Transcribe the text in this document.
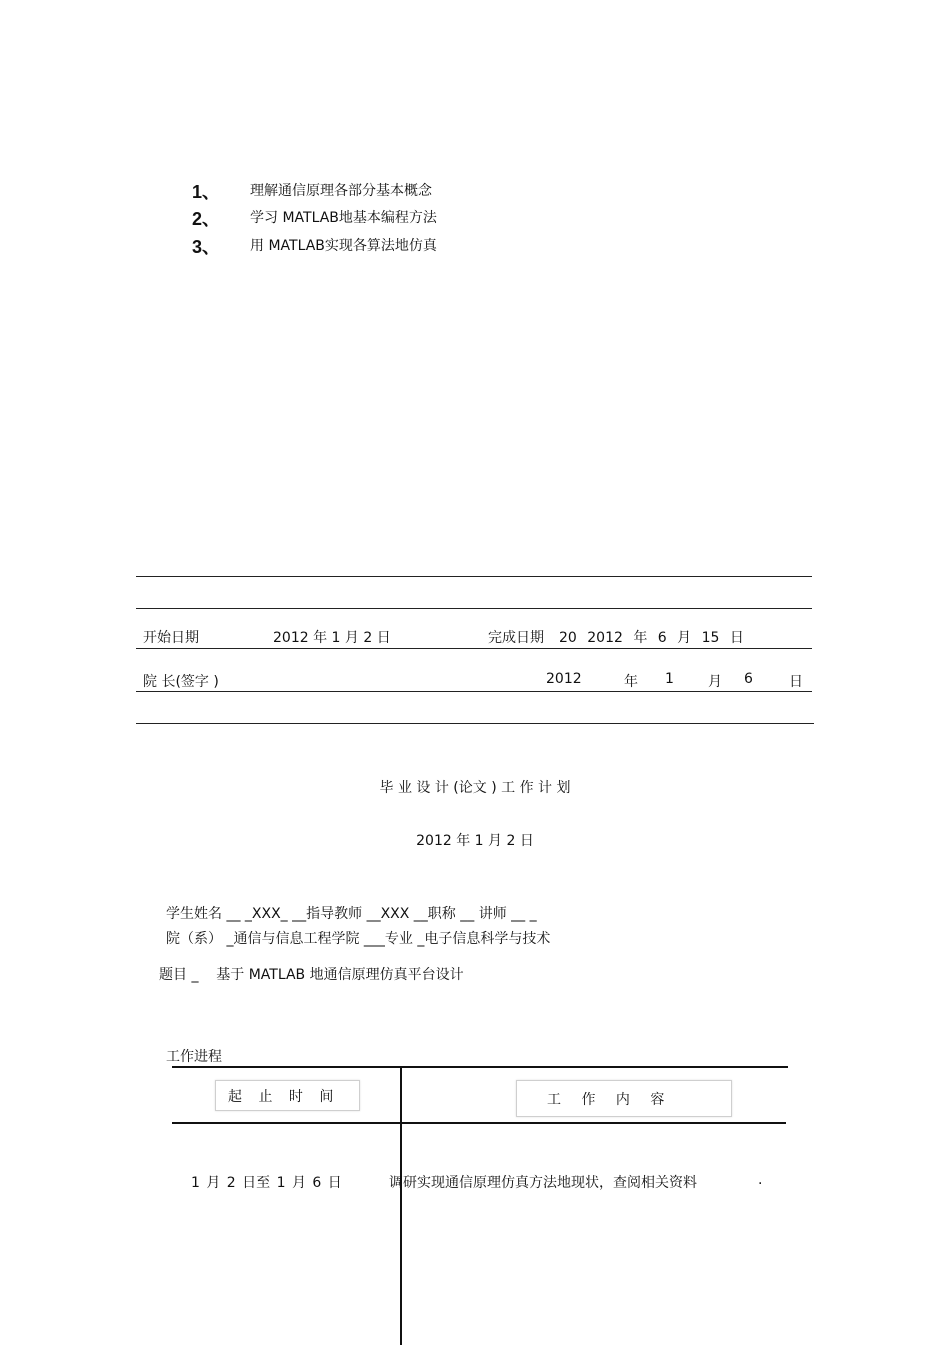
1、 理解通信原理各部分基本概念
2、 学习 MATLAB地基本编程方法
3、 用 MATLAB实现各算法地仿真
开始日期	2012 年 1 月 2 日	完成日期 20 2012 年 6 月 15 日
院 长(签字 )	2012	年 1 月 6	日
毕 业 设 计 (论文 ) 工 作 计 划
2012 年 1 月 2 日
学生姓名 __ _XXX_ __指导教师 __XXX __职称 __ 讲师 __ _
院（系） _通信与信息工程学院 ___专业 _电子信息科学与技术
题目 _    基于 MATLAB 地通信原理仿真平台设计
工作进程
起 止 时 间	工 作 内 容
1 月 2 日至 1 月 6 日	调研实现通信原理仿真方法地现状，查阅相关资料	.
